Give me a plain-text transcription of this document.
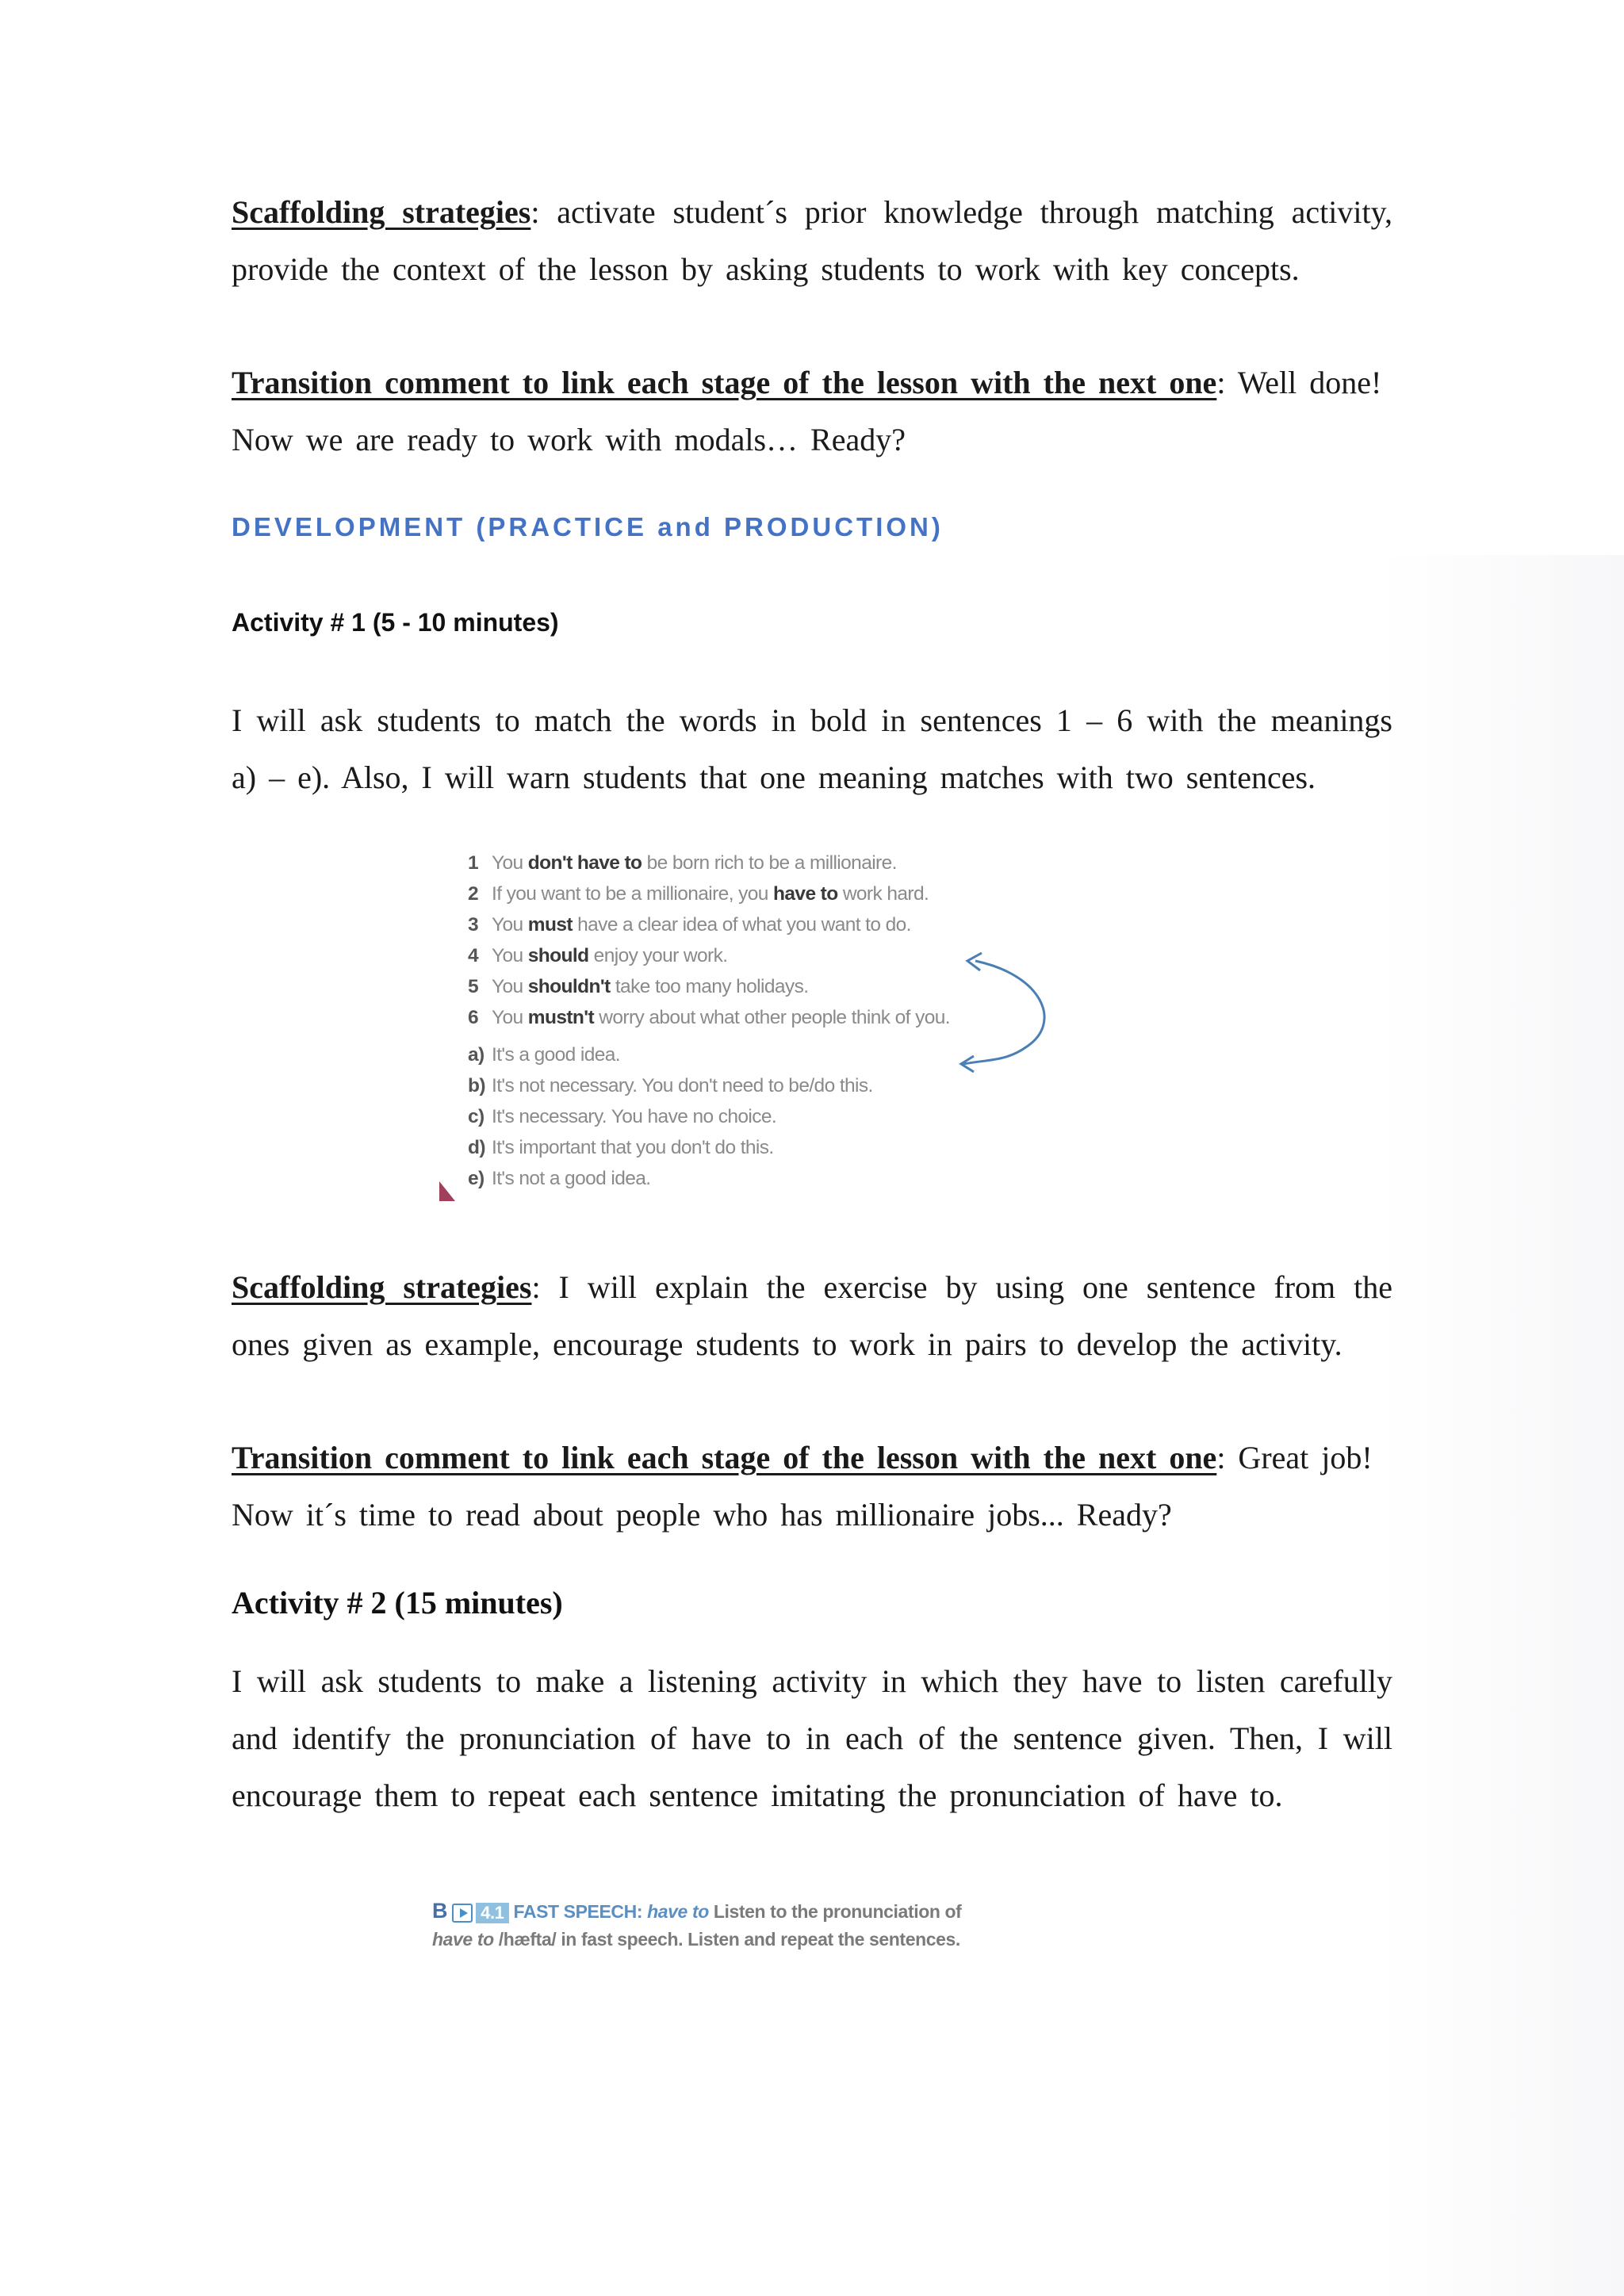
Scaffolding strategies: activate student´s prior knowledge through matching activity, provide the context of the lesson by asking students to work with key concepts.

Transition comment to link each stage of the lesson with the next one: Well done!
Now we are ready to work with modals… Ready?

DEVELOPMENT (PRACTICE and PRODUCTION)

Activity # 1 (5 - 10 minutes)

I will ask students to match the words in bold in sentences 1 – 6 with the meanings a) – e). Also, I will warn students that one meaning matches with two sentences.

1 You don't have to be born rich to be a millionaire.
2 If you want to be a millionaire, you have to work hard.
3 You must have a clear idea of what you want to do.
4 You should enjoy your work.
5 You shouldn't take too many holidays.
6 You mustn't worry about what other people think of you.
a) It's a good idea.
b) It's not necessary. You don't need to be/do this.
c) It's necessary. You have no choice.
d) It's important that you don't do this.
e) It's not a good idea.

Scaffolding strategies: I will explain the exercise by using one sentence from the ones given as example, encourage students to work in pairs to develop the activity.

Transition comment to link each stage of the lesson with the next one: Great job!
Now it´s time to read about people who has millionaire jobs... Ready?

Activity # 2 (15 minutes)

I will ask students to make a listening activity in which they have to listen carefully and identify the pronunciation of have to in each of the sentence given. Then, I will encourage them to repeat each sentence imitating the pronunciation of have to.

B 4.1 FAST SPEECH: have to Listen to the pronunciation of
have to /hæfta/ in fast speech. Listen and repeat the sentences.
